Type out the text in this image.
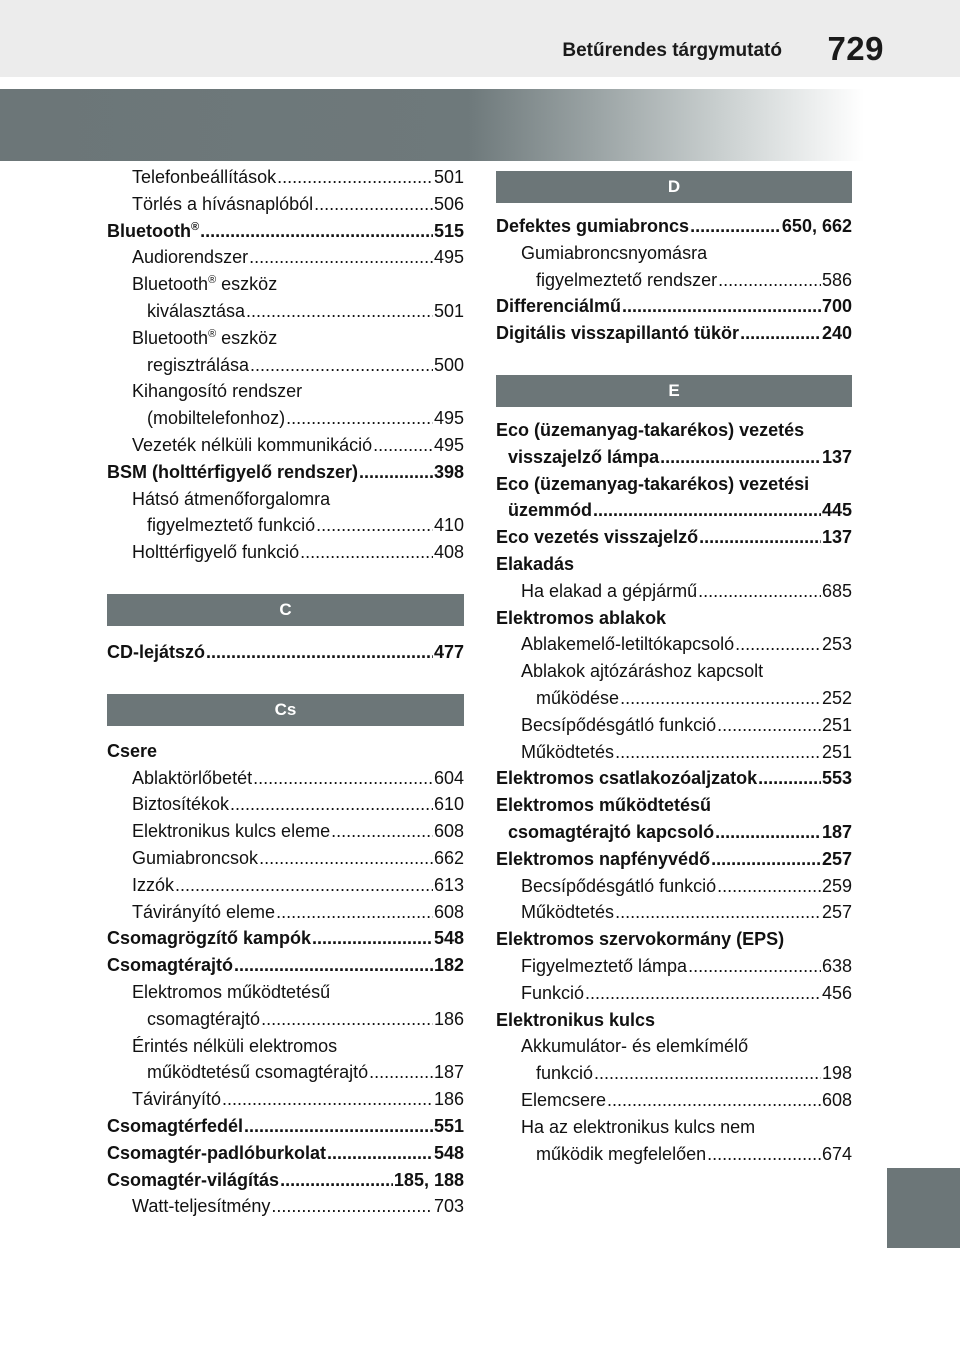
Betűrendes tárgymutató 729
Telefonbeállítások .....	501
Törlés a hívásnaplóból .....	506
Bluetooth® .....	515
Audiorendszer .....	495
Bluetooth® eszköz
kiválasztása .....	501
Bluetooth® eszköz
regisztrálása .....	500
Kihangosító rendszer
(mobiltelefonhoz) .....	495
Vezeték nélküli kommunikáció .....	495
BSM (holttérfigyelő rendszer) .....	398
Hátsó átmenőforgalomra
figyelmeztető funkció .....	410
Holttérfigyelő funkció .....	408
C
CD-lejátszó .....	477
Cs
Csere
Ablaktörlőbetét .....	604
Biztosítékok .....	610
Elektronikus kulcs eleme .....	608
Gumiabroncsok .....	662
Izzók .....	613
Távirányító eleme .....	608
Csomagrögzítő kampók .....	548
Csomagtérajtó .....	182
Elektromos működtetésű
csomagtérajtó .....	186
Érintés nélküli elektromos
működtetésű csomagtérajtó .....	187
Távirányító .....	186
Csomagtérfedél .....	551
Csomagtér-padlóburkolat .....	548
Csomagtér-világítás .....	185, 188
Watt-teljesítmény .....	703
D
Defektes gumiabroncs .....	650, 662
Gumiabroncsnyomásra
figyelmeztető rendszer .....	586
Differenciálmű .....	700
Digitális visszapillantó tükör .....	240
E
Eco (üzemanyag-takarékos) vezetés
visszajelző lámpa .....	137
Eco (üzemanyag-takarékos) vezetési
üzemmód .....	445
Eco vezetés visszajelző .....	137
Elakadás
Ha elakad a gépjármű .....	685
Elektromos ablakok
Ablakemelő-letiltókapcsoló .....	253
Ablakok ajtózáráshoz kapcsolt
működése .....	252
Becsípődésgátló funkció .....	251
Működtetés .....	251
Elektromos csatlakozóaljzatok .....	553
Elektromos működtetésű
csomagtérajtó kapcsoló .....	187
Elektromos napfényvédő .....	257
Becsípődésgátló funkció .....	259
Működtetés .....	257
Elektromos szervokormány (EPS)
Figyelmeztető lámpa .....	638
Funkció .....	456
Elektronikus kulcs
Akkumulátor- és elemkímélő
funkció .....	198
Elemcsere .....	608
Ha az elektronikus kulcs nem
működik megfelelően .....	674
